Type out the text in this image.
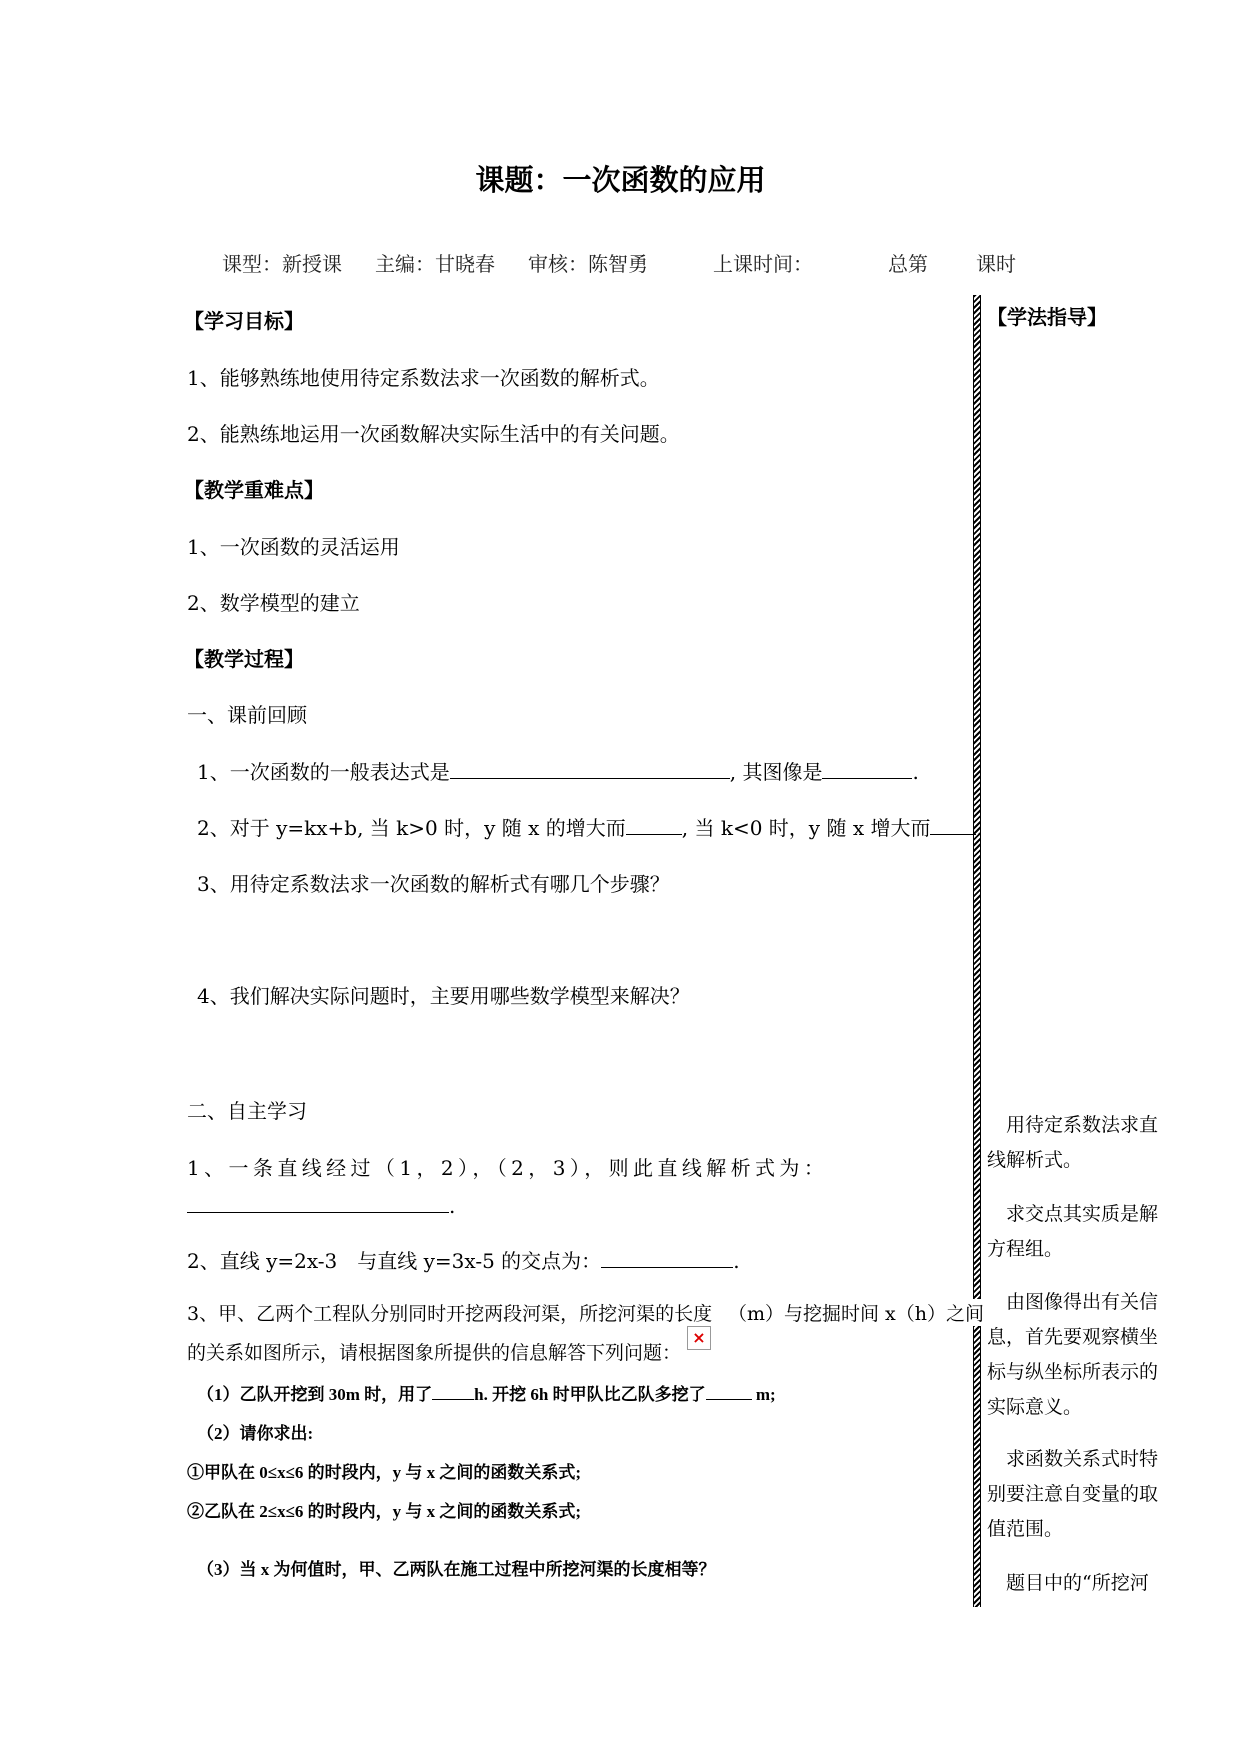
课题：一次函数的应用
课型：新授课 主编：甘晓春 审核：陈智勇	上课时间：	总第 课时
【学习目标】
1、能够熟练地使用待定系数法求一次函数的解析式。
2、能熟练地运用一次函数解决实际生活中的有关问题。
【教学重难点】
1、一次函数的灵活运用
2、数学模型的建立
【教学过程】
一、课前回顾
1、一次函数的一般表达式是	, 其图像是	.
2、对于 y=kx+b, 当 k>0 时，y 随 x 的增大而	, 当 k<0 时，y 随 x 增大而 .
3、用待定系数法求一次函数的解析式有哪几个步骤？
4、我们解决实际问题时，主要用哪些数学模型来解决？
二、自主学习
1、一条直线经过（1，2），（2，3），则此直线解析式为：
.
2、直线 y=2x-3　与直线 y=3x-5 的交点为：	.
3、甲、乙两个工程队分别同时开挖两段河渠，所挖河渠的长度 （m）与挖掘时间 x（h）之间
×
的关系如图所示，请根据图象所提供的信息解答下列问题：
（1）乙队开挖到 30m 时，用了 h. 开挖 6h 时甲队比乙队多挖了	m;
（2）请你求出:
①甲队在 0≤x≤6 的时段内，y 与 x 之间的函数关系式;
②乙队在 2≤x≤6 的时段内，y 与 x 之间的函数关系式;
（3）当 x 为何值时，甲、乙两队在施工过程中所挖河渠的长度相等？
【学法指导】
　用待定系数法求直线解析式。
　求交点其实质是解方程组。
　由图像得出有关信息，首先要观察横坐标与纵坐标所表示的实际意义。
　求函数关系式时特别要注意自变量的取值范围。
　题目中的“所挖河
